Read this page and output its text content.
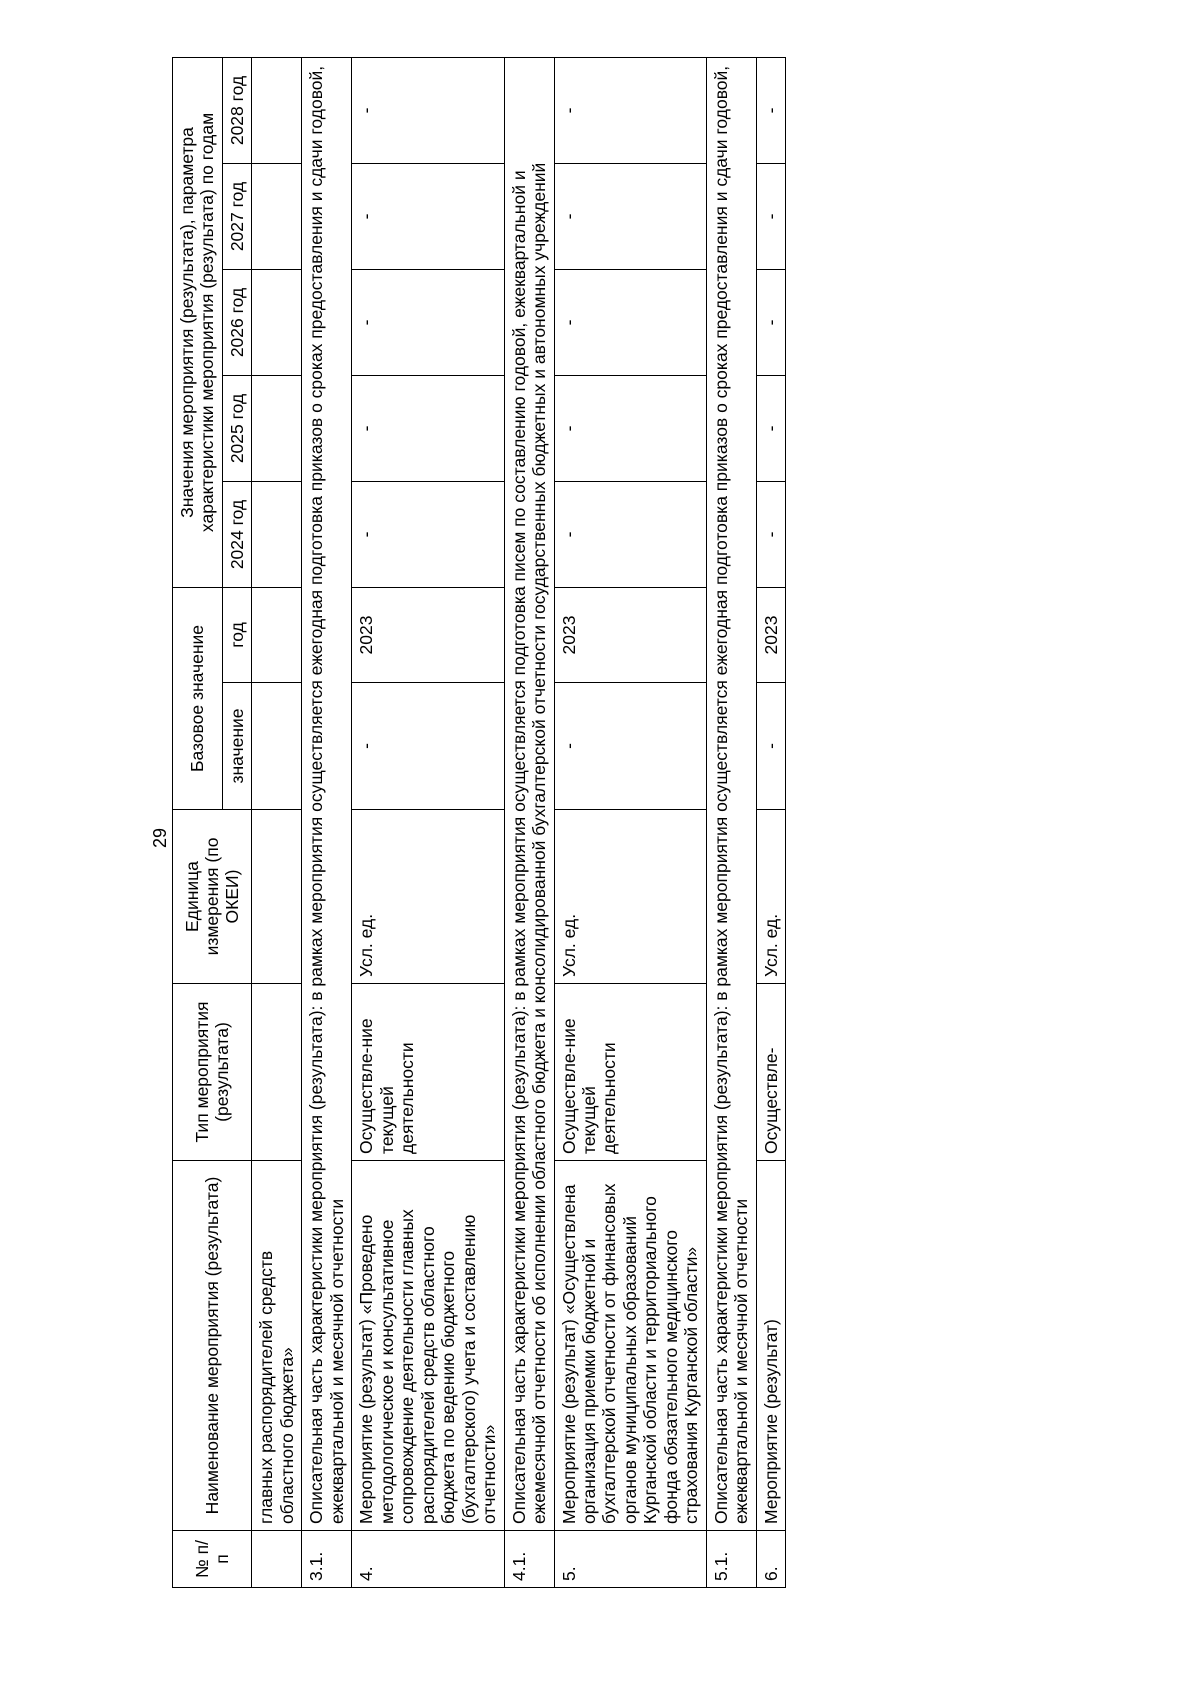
29
№ п/п	Наименование мероприятия (результата)	Тип мероприятия (результата)	Единица измерения (по ОКЕИ)	Базовое значение		Значения мероприятия (результата), параметра характеристики мероприятия (результата) по годам				
				значение	год	2024 год	2025 год	2026 год	2027 год	2028 год
	главных распорядителей средств областного бюджета»									
3.1.	Описательная часть характеристики мероприятия (результата): в рамках мероприятия осуществляется ежегодная подготовка приказов о сроках предоставления и сдачи годовой, ежеквартальной и месячной отчетности									
4.	Мероприятие (результат) «Проведено методологическое и консультативное сопровождение деятельности главных распорядителей средств областного бюджета по ведению бюджетного (бухгалтерского) учета и составлению отчетности»	Осуществле-ние текущей деятельности	Усл. ед.	-	2023	-	-	-	-	-
4.1.	Описательная часть характеристики мероприятия (результата): в рамках мероприятия осуществляется подготовка писем по составлению годовой, ежеквартальной и ежемесячной отчетности об исполнении областного бюджета и консолидированной бухгалтерской отчетности государственных бюджетных и автономных учреждений									
5.	Мероприятие (результат) «Осуществлена организация приемки бюджетной и бухгалтерской отчетности от финансовых органов муниципальных образований Курганской области и территориального фонда обязательного медицинского страхования Курганской области»	Осуществле-ние текущей деятельности	Усл. ед.	-	2023	-	-	-	-	-
5.1.	Описательная часть характеристики мероприятия (результата): в рамках мероприятия осуществляется ежегодная подготовка приказов о сроках предоставления и сдачи годовой, ежеквартальной и месячной отчетности									
6.	Мероприятие (результат)	Осуществле-	Усл. ед.	-	2023	-	-	-	-	-
